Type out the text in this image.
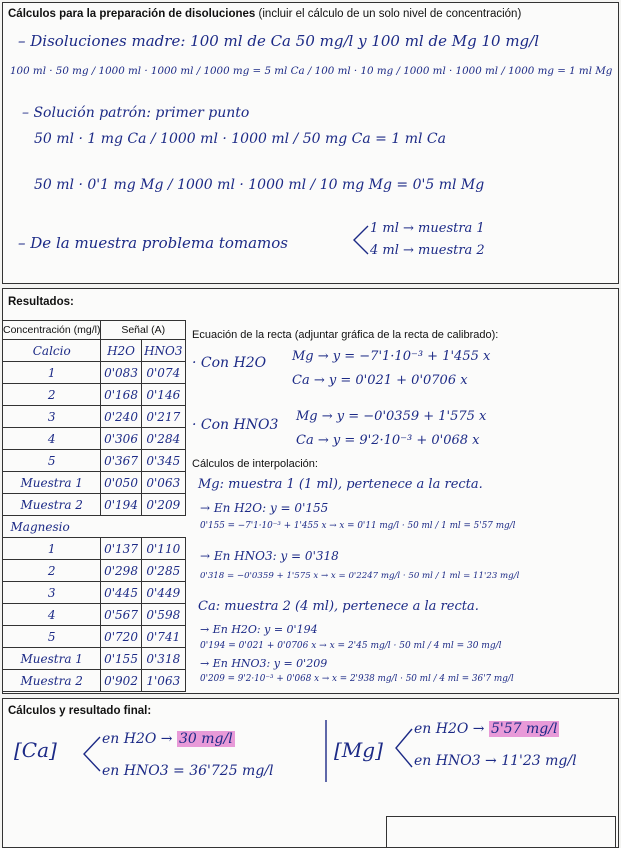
Cálculos para la preparación de disoluciones (incluir el cálculo de un solo nivel de concentración)
– Disoluciones madre: 100 ml de Ca 50 mg/l y 100 ml de Mg 10 mg/l
100 ml · 50 mg / 1000 ml · 1000 ml / 1000 mg = 5 ml Ca / 100 ml · 10 mg / 1000 ml · 1000 ml / 1000 mg = 1 ml Mg
– Solución patrón: primer punto
50 ml · 1 mg Ca / 1000 ml · 1000 ml / 50 mg Ca = 1 ml Ca
50 ml · 0'1 mg Mg / 1000 ml · 1000 ml / 10 mg Mg = 0'5 ml Mg
– De la muestra problema tomamos
1 ml → muestra 1
4 ml → muestra 2
Resultados:
Concentración (mg/l)	Señal (A)	
Calcio	H2O	HNO3
1	0'083	0'074
2	0'168	0'146
3	0'240	0'217
4	0'306	0'284
5	0'367	0'345
Muestra 1	0'050	0'063
Muestra 2	0'194	0'209
Magnesio		
1	0'137	0'110
2	0'298	0'285
3	0'445	0'449
4	0'567	0'598
5	0'720	0'741
Muestra 1	0'155	0'318
Muestra 2	0'902	1'063
Ecuación de la recta (adjuntar gráfica de la recta de calibrado):
· Con H2O Mg → y = −7'1·10⁻³ + 1'455 x
Ca → y = 0'021 + 0'0706 x
· Con HNO3
Mg → y = −0'0359 + 1'575 x
Ca → y = 9'2·10⁻³ + 0'068 x
Cálculos de interpolación:
Mg: muestra 1 (1 ml), pertenece a la recta.
→ En H2O: y = 0'155
0'155 = −7'1·10⁻³ + 1'455 x → x = 0'11 mg/l · 50 ml / 1 ml = 5'57 mg/l
→ En HNO3: y = 0'318
0'318 = −0'0359 + 1'575 x → x = 0'2247 mg/l · 50 ml / 1 ml = 11'23 mg/l
Ca: muestra 2 (4 ml), pertenece a la recta.
→ En H2O: y = 0'194
0'194 = 0'021 + 0'0706 x → x = 2'45 mg/l · 50 ml / 4 ml = 30 mg/l
→ En HNO3: y = 0'209
0'209 = 9'2·10⁻³ + 0'068 x → x = 2'938 mg/l · 50 ml / 4 ml = 36'7 mg/l
Cálculos y resultado final:
[Ca]	en H2O → 30 mg/l
en HNO3 = 36'725 mg/l
[Mg]
en H2O → 5'57 mg/l
en HNO3 → 11'23 mg/l
